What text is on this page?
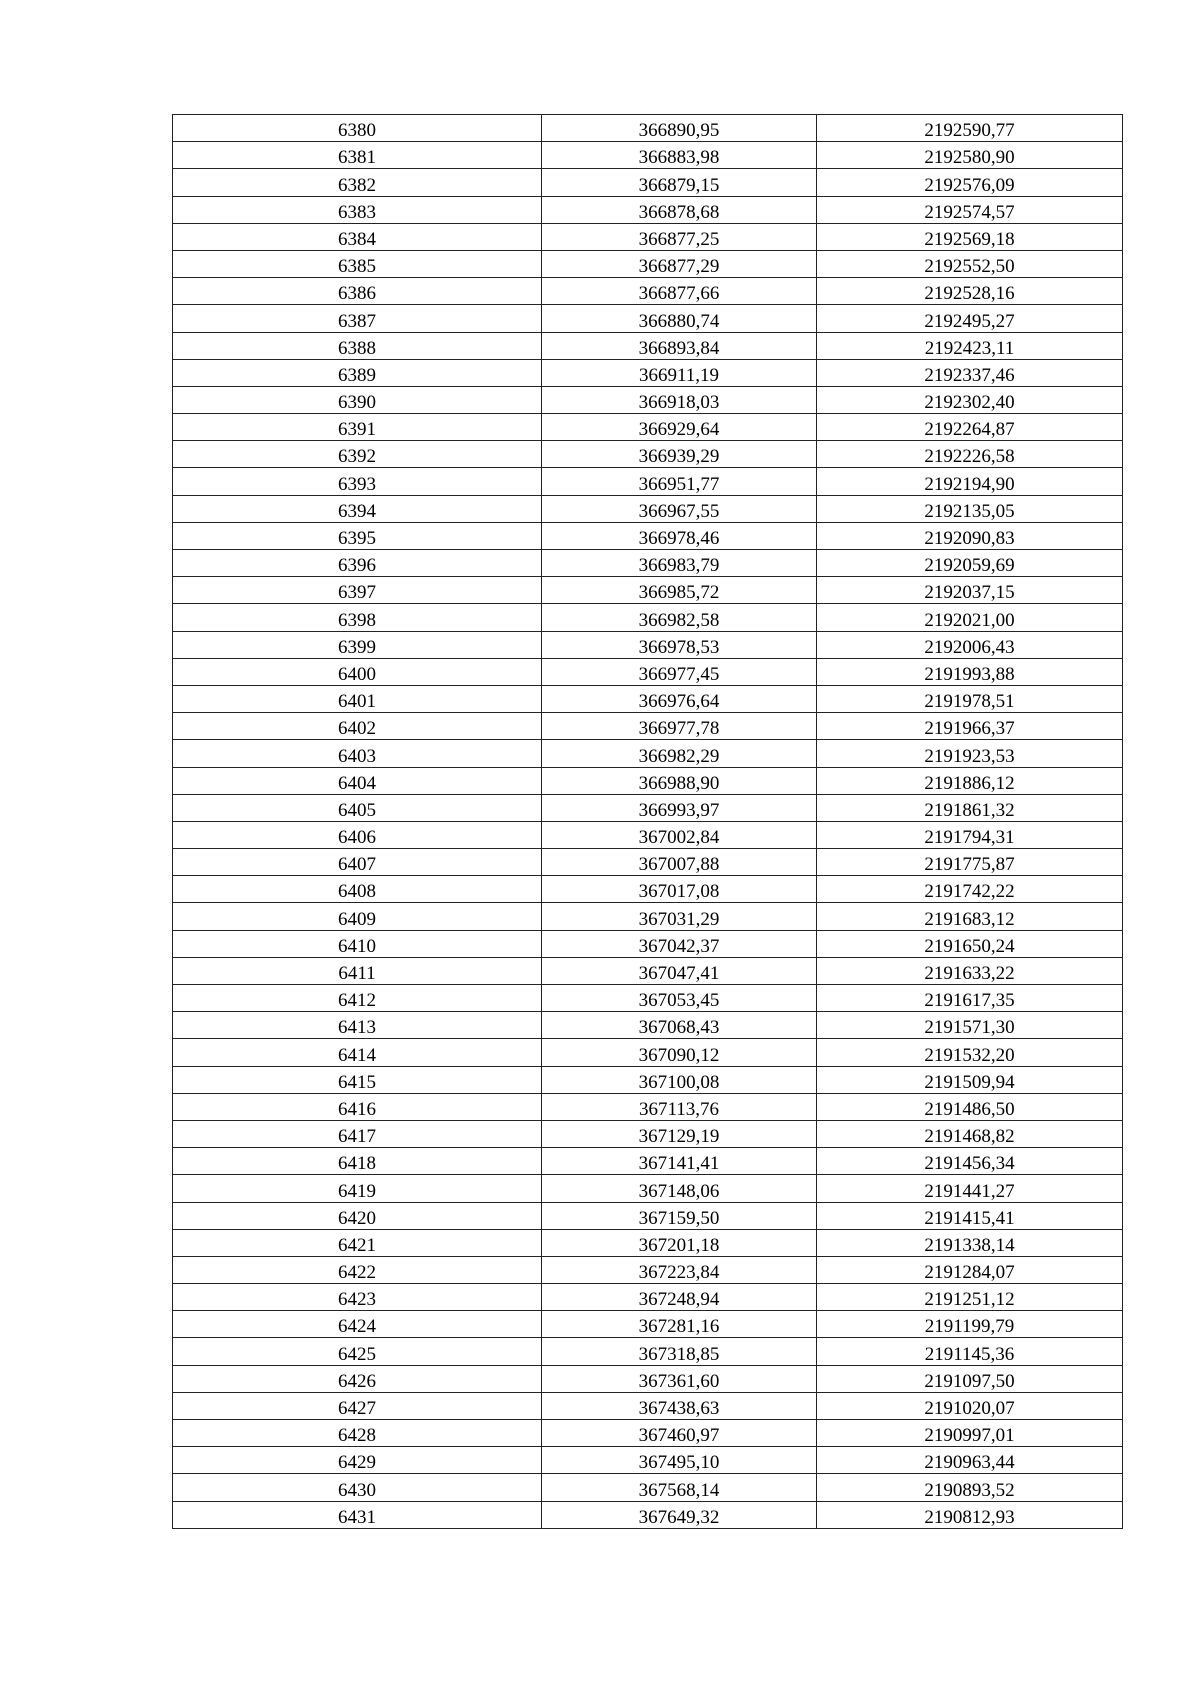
6380	366890,95	2192590,77
6381	366883,98	2192580,90
6382	366879,15	2192576,09
6383	366878,68	2192574,57
6384	366877,25	2192569,18
6385	366877,29	2192552,50
6386	366877,66	2192528,16
6387	366880,74	2192495,27
6388	366893,84	2192423,11
6389	366911,19	2192337,46
6390	366918,03	2192302,40
6391	366929,64	2192264,87
6392	366939,29	2192226,58
6393	366951,77	2192194,90
6394	366967,55	2192135,05
6395	366978,46	2192090,83
6396	366983,79	2192059,69
6397	366985,72	2192037,15
6398	366982,58	2192021,00
6399	366978,53	2192006,43
6400	366977,45	2191993,88
6401	366976,64	2191978,51
6402	366977,78	2191966,37
6403	366982,29	2191923,53
6404	366988,90	2191886,12
6405	366993,97	2191861,32
6406	367002,84	2191794,31
6407	367007,88	2191775,87
6408	367017,08	2191742,22
6409	367031,29	2191683,12
6410	367042,37	2191650,24
6411	367047,41	2191633,22
6412	367053,45	2191617,35
6413	367068,43	2191571,30
6414	367090,12	2191532,20
6415	367100,08	2191509,94
6416	367113,76	2191486,50
6417	367129,19	2191468,82
6418	367141,41	2191456,34
6419	367148,06	2191441,27
6420	367159,50	2191415,41
6421	367201,18	2191338,14
6422	367223,84	2191284,07
6423	367248,94	2191251,12
6424	367281,16	2191199,79
6425	367318,85	2191145,36
6426	367361,60	2191097,50
6427	367438,63	2191020,07
6428	367460,97	2190997,01
6429	367495,10	2190963,44
6430	367568,14	2190893,52
6431	367649,32	2190812,93
